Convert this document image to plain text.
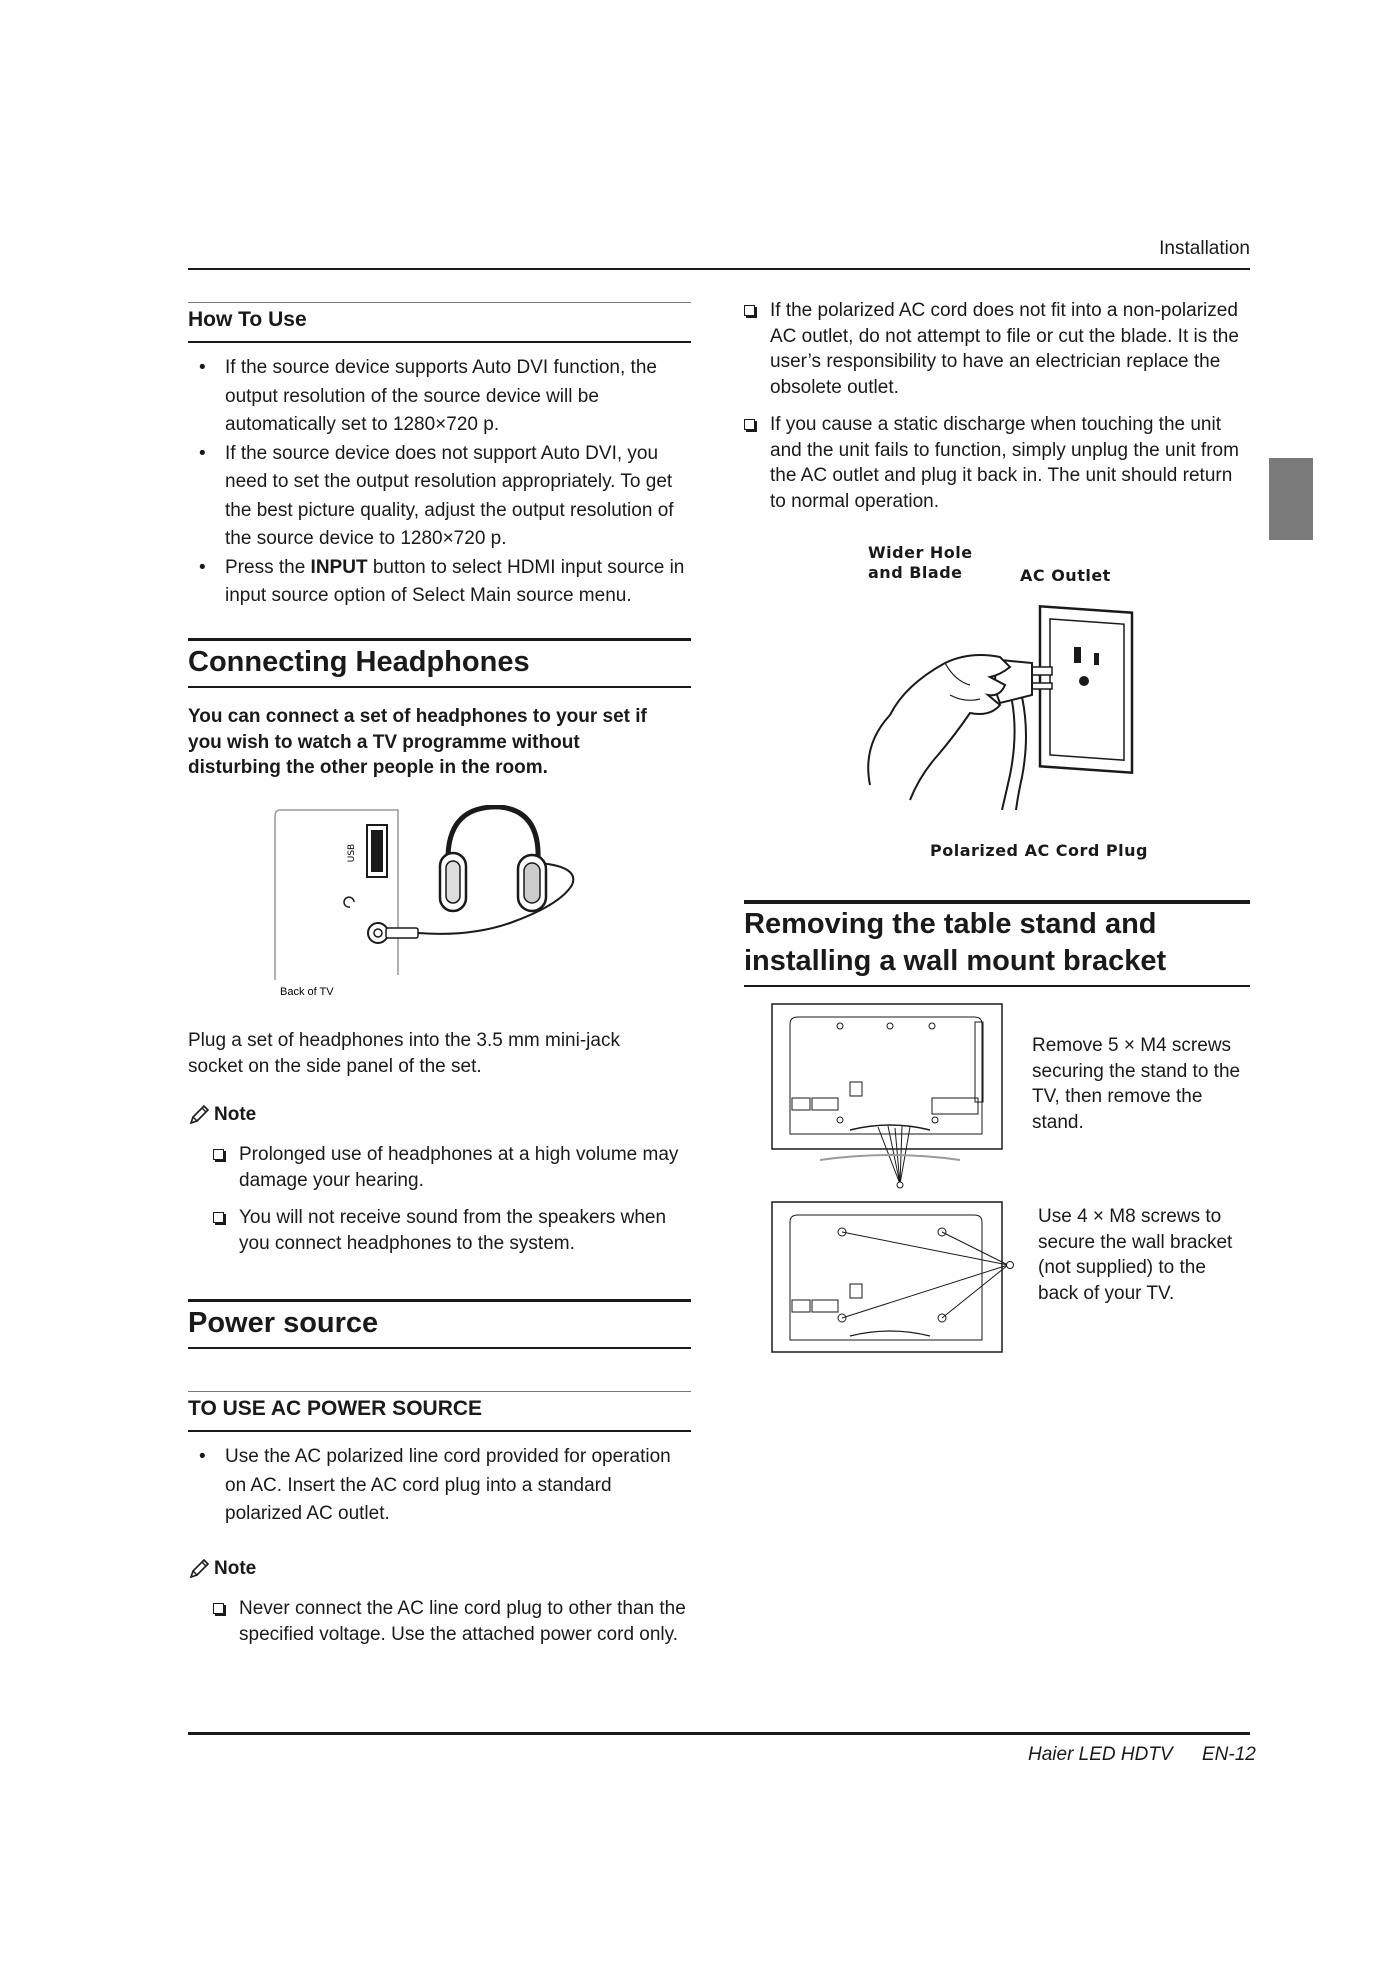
Installation
How To Use
• If the source device supports Auto DVI function, the output resolution of the source device will be automatically set to 1280×720 p.
• If the source device does not support Auto DVI, you need to set the output resolution appropriately. To get the best picture quality, adjust the output resolution of the source device to 1280×720 p.
• Press the INPUT button to select HDMI input source in input source option of Select Main source menu.
Connecting Headphones
You can connect a set of headphones to your set if you wish to watch a TV programme without disturbing the other people in the room.
USB
Back of TV
Plug a set of headphones into the 3.5 mm mini-jack socket on the side panel of the set.
Note
Prolonged use of headphones at a high volume may damage your hearing.
You will not receive sound from the speakers when you connect headphones to the system.
Power source
TO USE AC POWER SOURCE
• Use the AC polarized line cord provided for operation on AC. Insert the AC cord plug into a standard polarized AC outlet.
Note
Never connect the AC line cord plug to other than the specified voltage. Use the attached power cord only.
If the polarized AC cord does not fit into a non-polarized AC outlet, do not attempt to file or cut the blade. It is the user’s responsibility to have an electrician replace the obsolete outlet.
If you cause a static discharge when touching the unit and the unit fails to function, simply unplug the unit from the AC outlet and plug it back in. The unit should return to normal operation.
Wider Hole and Blade	AC Outlet
Polarized AC Cord Plug
Removing the table stand and installing a wall mount bracket
Remove 5 × M4 screws securing the stand to the TV, then remove the stand.
Use 4 × M8 screws to secure the wall bracket (not supplied) to the back of your TV.
Haier LED HDTV EN-12
